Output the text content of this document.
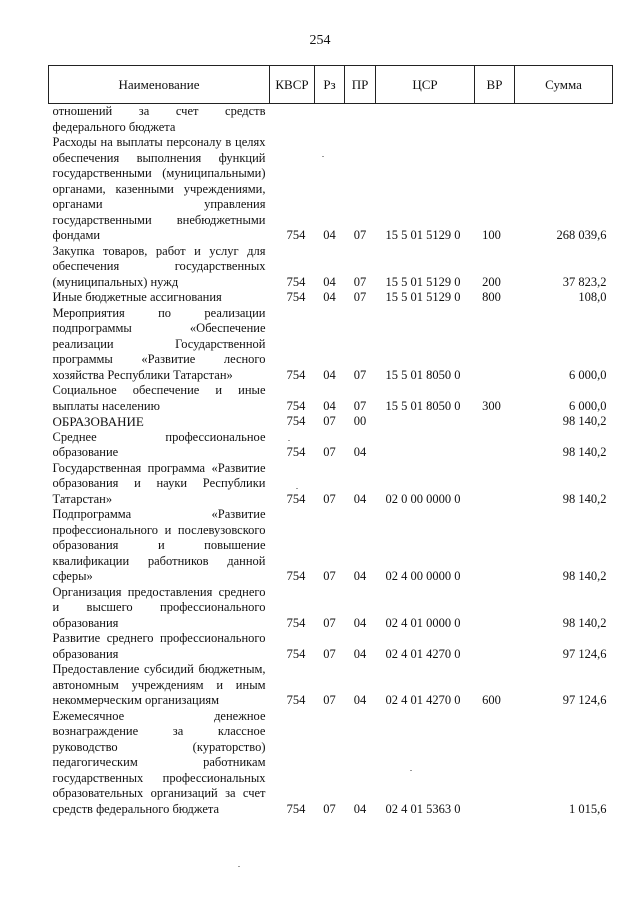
254
Наименование	КВСР	Рз	ПР	ЦСР	ВР	Сумма
отношений за счет средств федерального бюджета						
Расходы на выплаты персоналу в целях обеспечения выполнения функций государственными (муниципальными) органами, казенными учреждениями, органами управления государственными внебюджетными фондами	754	04	07	15 5 01 5129 0	100	268 039,6
Закупка товаров, работ и услуг для обеспечения государственных (муниципальных) нужд	754	04	07	15 5 01 5129 0	200	37 823,2
Иные бюджетные ассигнования	754	04	07	15 5 01 5129 0	800	108,0
Мероприятия по реализации подпрограммы «Обеспечение реализации Государственной программы «Развитие лесного хозяйства Республики Татарстан»	754	04	07	15 5 01 8050 0		6 000,0
Социальное обеспечение и иные выплаты населению	754	04	07	15 5 01 8050 0	300	6 000,0
ОБРАЗОВАНИЕ	754	07	00			98 140,2
Среднее профессиональное образование	754	07	04			98 140,2
Государственная программа «Развитие образования и науки Республики Татарстан»	754	07	04	02 0 00 0000 0		98 140,2
Подпрограмма «Развитие профессионального и послевузовского образования и повышение квалификации работников данной сферы»	754	07	04	02 4 00 0000 0		98 140,2
Организация предоставления среднего и высшего профессионального образования	754	07	04	02 4 01 0000 0		98 140,2
Развитие среднего профессионального образования	754	07	04	02 4 01 4270 0		97 124,6
Предоставление субсидий бюджетным, автономным учреждениям и иным некоммерческим организациям	754	07	04	02 4 01 4270 0	600	97 124,6
Ежемесячное денежное вознаграждение за классное руководство (кураторство) педагогическим работникам государственных профессиональных образовательных организаций за счет средств федерального бюджета	754	07	04	02 4 01 5363 0		1 015,6
